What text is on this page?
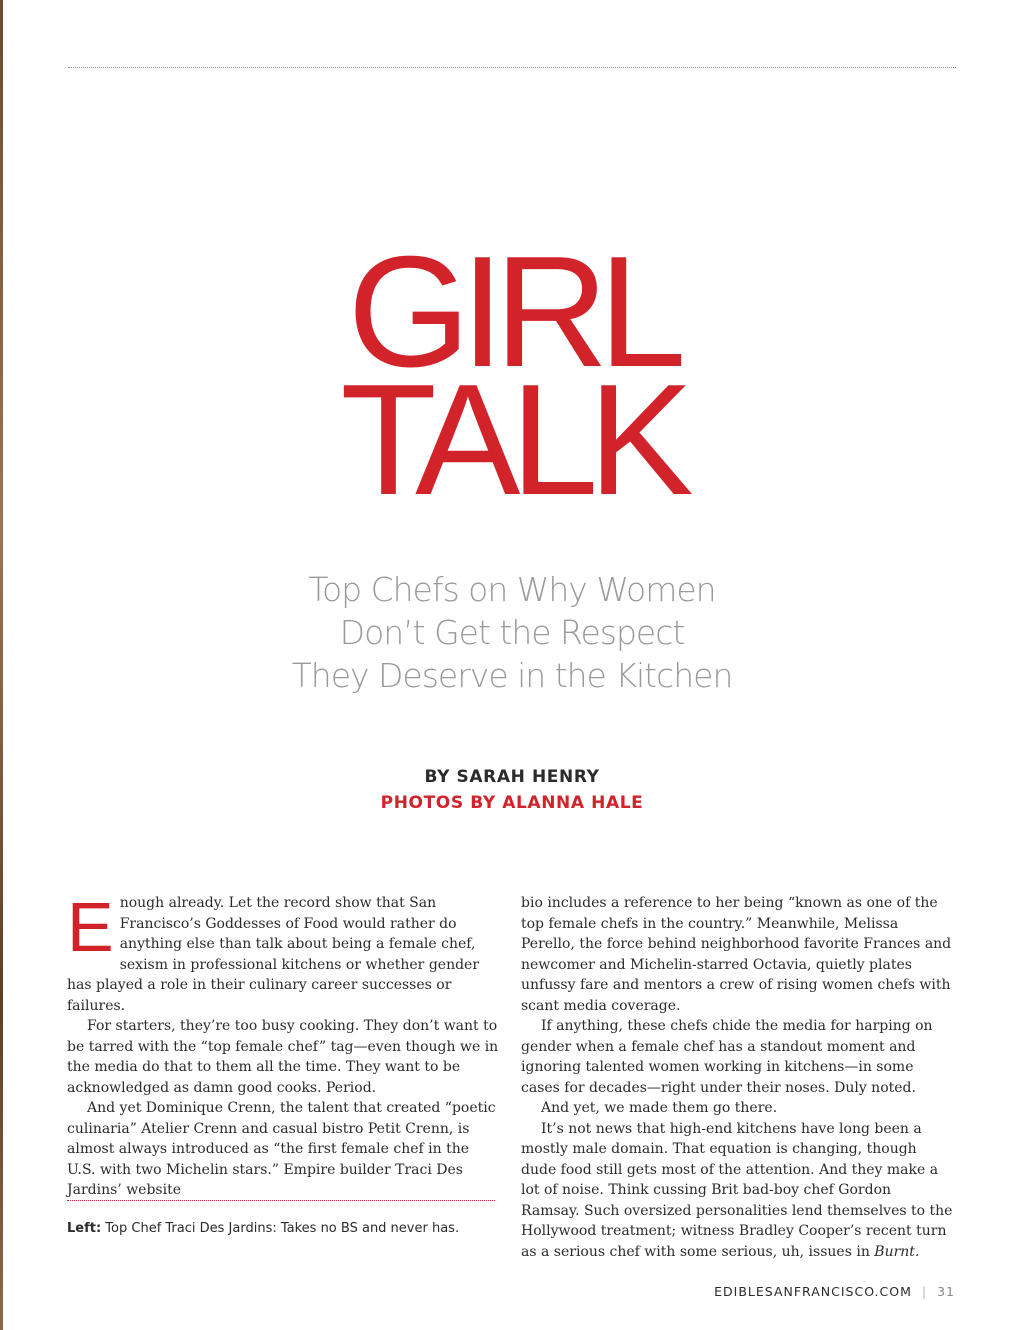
GIRL
TALK
Top Chefs on Why Women
Don’t Get the Respect
They Deserve in the Kitchen
BY SARAH HENRY
PHOTOS BY ALANNA HALE

Enough already. Let the record show that San Francisco’s Goddesses of Food would rather do anything else than talk about being a female chef, sexism in professional kitchens or whether gender has played a role in their culinary career successes or failures.

For starters, they’re too busy cooking. They don’t want to be tarred with the “top female chef” tag—even though we in the media do that to them all the time. They want to be acknowledged as damn good cooks. Period.

And yet Dominique Crenn, the talent that created “poetic culinaria” Atelier Crenn and casual bistro Petit Crenn, is almost always introduced as “the first female chef in the U.S. with two Michelin stars.” Empire builder Traci Des Jardins’ website

bio includes a reference to her being “known as one of the top female chefs in the country.” Meanwhile, Melissa Perello, the force behind neighborhood favorite Frances and newcomer and Michelin-starred Octavia, quietly plates unfussy fare and mentors a crew of rising women chefs with scant media coverage.

If anything, these chefs chide the media for harping on gender when a female chef has a standout moment and ignoring talented women working in kitchens—in some cases for decades—right under their noses. Duly noted.

And yet, we made them go there.

It’s not news that high-end kitchens have long been a mostly male domain. That equation is changing, though dude food still gets most of the attention. And they make a lot of noise. Think cussing Brit bad-boy chef Gordon Ramsay. Such oversized personalities lend themselves to the Hollywood treatment; witness Bradley Cooper’s recent turn as a serious chef with some serious, uh, issues in Burnt.

Left: Top Chef Traci Des Jardins: Takes no BS and never has.
EDIBLESANFRANCISCO.COM | 31
